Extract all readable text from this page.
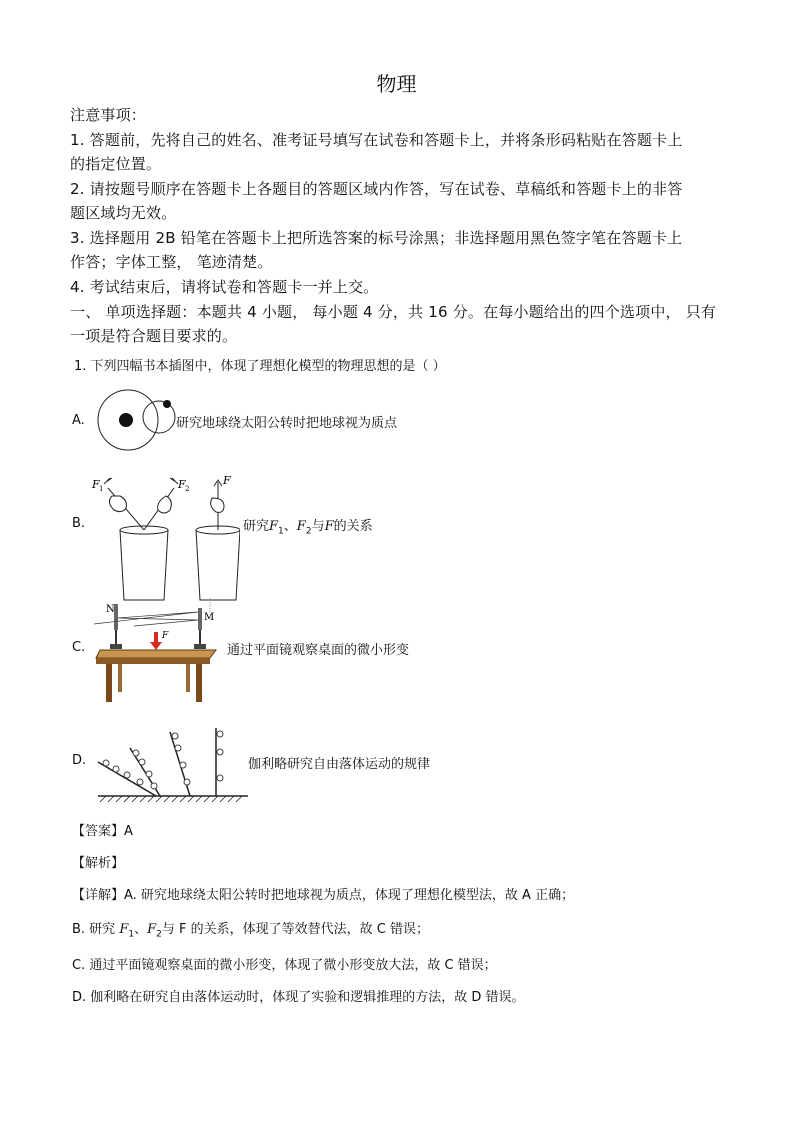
物理
注意事项：
1. 答题前，先将自己的姓名、准考证号填写在试卷和答题卡上，并将条形码粘贴在答题卡上
的指定位置。
2. 请按题号顺序在答题卡上各题目的答题区域内作答，写在试卷、草稿纸和答题卡上的非答
题区域均无效。
3. 选择题用 2B 铅笔在答题卡上把所选答案的标号涂黑；非选择题用黑色签字笔在答题卡上
作答；字体工整， 笔迹清楚。
4. 考试结束后，请将试卷和答题卡一并上交。
一、 单项选择题：本题共 4 小题， 每小题 4 分，共 16 分。在每小题给出的四个选项中， 只有
一项是符合题目要求的。
1. 下列四幅书本插图中，体现了理想化模型的物理思想的是（ ）
A.	研究地球绕太阳公转时把地球视为质点
B.
F 1	F 2
F
研究$F_1$、$F_2$与F的关系
C.
N
M
F
通过平面镜观察桌面的微小形变
D.	伽利略研究自由落体运动的规律
【答案】A
【解析】
【详解】A. 研究地球绕太阳公转时把地球视为质点，体现了理想化模型法，故 A 正确；
B. 研究 $F_1$、$F_2$与 F 的关系，体现了等效替代法，故 C 错误；
C. 通过平面镜观察桌面的微小形变，体现了微小形变放大法，故 C 错误；
D. 伽利略在研究自由落体运动时，体现了实验和逻辑推理的方法，故 D 错误。
